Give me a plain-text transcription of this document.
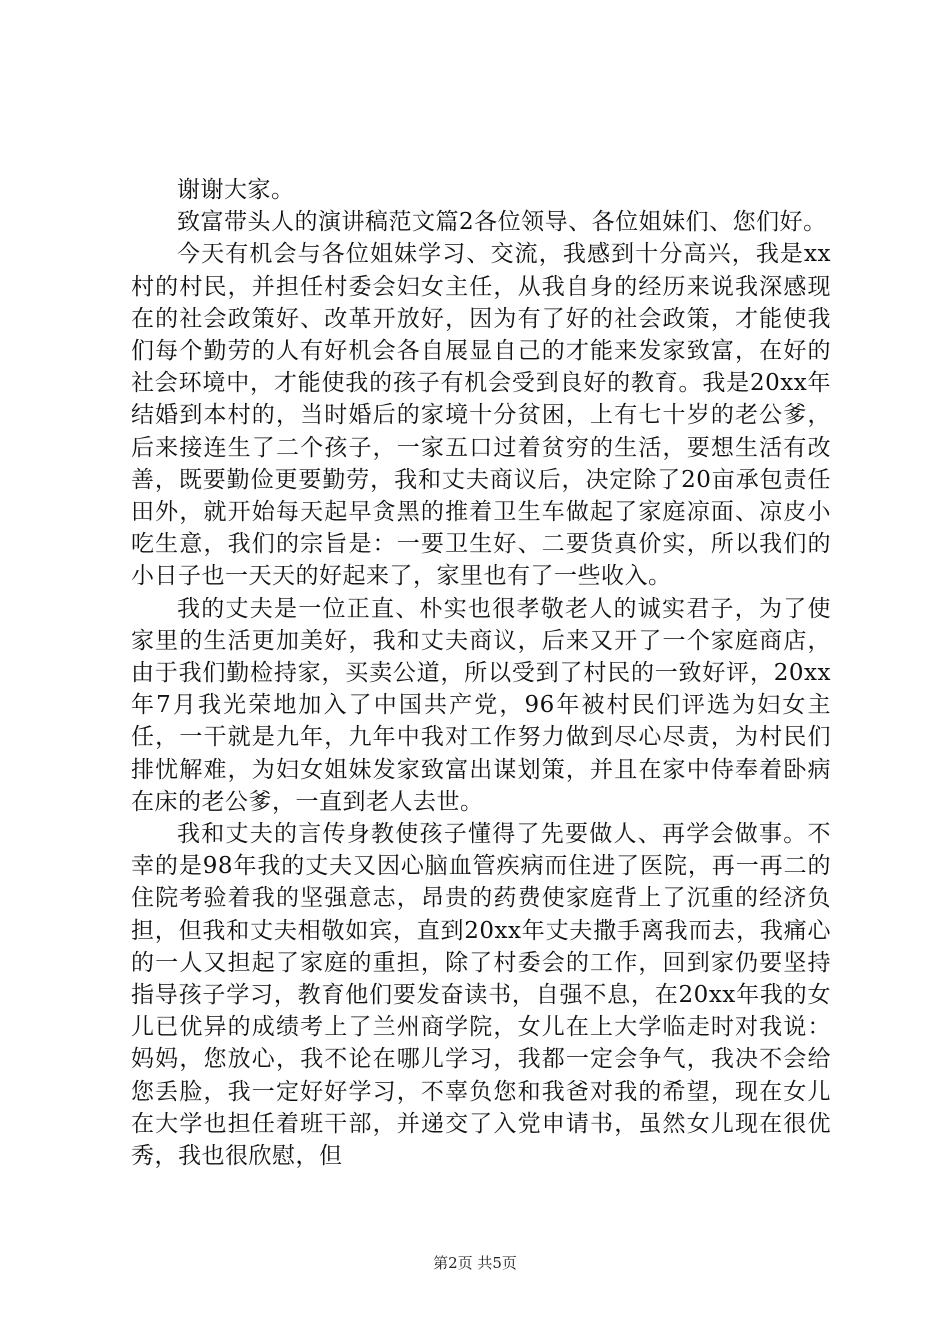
谢谢大家。

致富带头人的演讲稿范文篇2各位领导、各位姐妹们、您们好。

今天有机会与各位姐妹学习、交流，我感到十分高兴，我是xx村的村民，并担任村委会妇女主任，从我自身的经历来说我深感现在的社会政策好、改革开放好，因为有了好的社会政策，才能使我们每个勤劳的人有好机会各自展显自己的才能来发家致富，在好的社会环境中，才能使我的孩子有机会受到良好的教育。我是20xx年结婚到本村的，当时婚后的家境十分贫困，上有七十岁的老公爹，后来接连生了二个孩子，一家五口过着贫穷的生活，要想生活有改善，既要勤俭更要勤劳，我和丈夫商议后，决定除了20亩承包责任田外，就开始每天起早贪黑的推着卫生车做起了家庭凉面、凉皮小吃生意，我们的宗旨是：一要卫生好、二要货真价实，所以我们的小日子也一天天的好起来了，家里也有了一些收入。

我的丈夫是一位正直、朴实也很孝敬老人的诚实君子，为了使家里的生活更加美好，我和丈夫商议，后来又开了一个家庭商店，由于我们勤检持家，买卖公道，所以受到了村民的一致好评，20xx年7月我光荣地加入了中国共产党，96年被村民们评选为妇女主任，一干就是九年，九年中我对工作努力做到尽心尽责，为村民们排忧解难，为妇女姐妹发家致富出谋划策，并且在家中侍奉着卧病在床的老公爹，一直到老人去世。

我和丈夫的言传身教使孩子懂得了先要做人、再学会做事。不幸的是98年我的丈夫又因心脑血管疾病而住进了医院，再一再二的住院考验着我的坚强意志，昂贵的药费使家庭背上了沉重的经济负担，但我和丈夫相敬如宾，直到20xx年丈夫撒手离我而去，我痛心的一人又担起了家庭的重担，除了村委会的工作，回到家仍要坚持指导孩子学习，教育他们要发奋读书，自强不息，在20xx年我的女儿已优异的成绩考上了兰州商学院，女儿在上大学临走时对我说：妈妈，您放心，我不论在哪儿学习，我都一定会争气，我决不会给您丢脸，我一定好好学习，不辜负您和我爸对我的希望，现在女儿在大学也担任着班干部，并递交了入党申请书，虽然女儿现在很优秀，我也很欣慰，但

第2页 共5页
